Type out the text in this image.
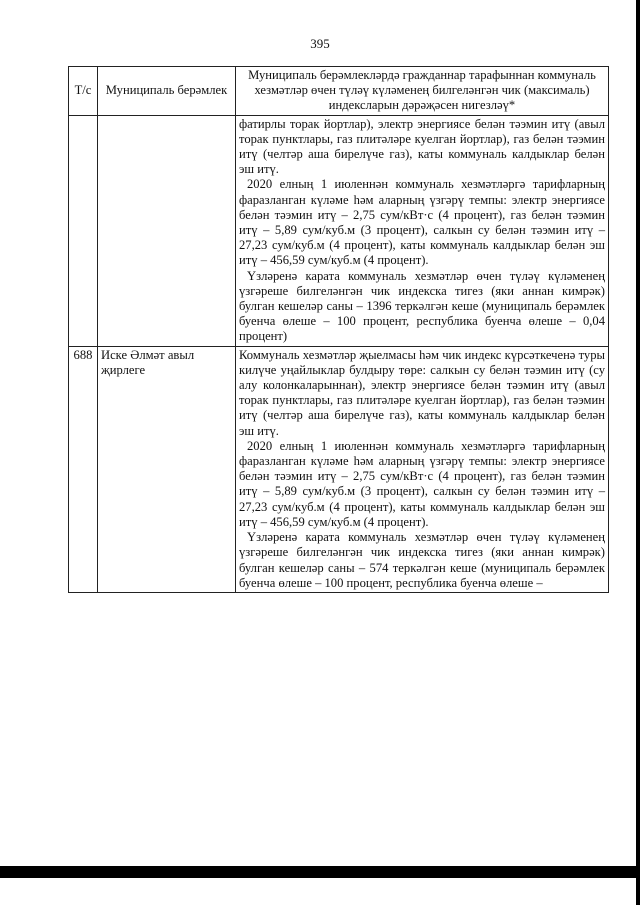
395
Т/с	Муниципаль берәмлек	Муниципаль берәмлекләрдә гражданнар тарафыннан коммуналь хезмәтләр өчен түләү күләменең билгеләнгән чик (максималь) индексларын дәрәҗәсен нигезләү*

		фатирлы торак йортлар), электр энергиясе белән тәэмин итү (авыл торак пунктлары, газ плитәләре куелган йортлар), газ белән тәэмин итү (челтәр аша бирелүче газ), каты коммуналь калдыклар белән эш итү.

2020 елның 1 июленнән коммуналь хезмәтләргә тарифларның фаразланган күләме һәм аларның үзгәрү темпы: электр энергиясе белән тәэмин итү – 2,75 сум/кВт·с (4 процент), газ белән тәэмин итү – 5,89 сум/куб.м (3 процент), салкын су белән тәэмин итү – 27,23 сум/куб.м (4 процент), каты коммуналь калдыклар белән эш итү – 456,59 сум/куб.м (4 процент).

Үзләренә карата коммуналь хезмәтләр өчен түләү күләменең үзгәреше билгеләнгән чик индекска тигез (яки аннан кимрәк) булган кешеләр саны – 1396 теркәлгән кеше (муниципаль берәмлек буенча өлеше – 100 процент, республика буенча өлеше – 0,04 процент)

688	Иске Әлмәт авыл җирлеге	Коммуналь хезмәтләр җыелмасы һәм чик индекс күрсәткеченә туры килүче уңайлыклар булдыру төре: салкын су белән тәэмин итү (су алу колонкаларыннан), электр энергиясе белән тәэмин итү (авыл торак пунктлары, газ плитәләре куелган йортлар), газ белән тәэмин итү (челтәр аша бирелүче газ), каты коммуналь калдыклар белән эш итү.

2020 елның 1 июленнән коммуналь хезмәтләргә тарифларның фаразланган күләме һәм аларның үзгәрү темпы: электр энергиясе белән тәэмин итү – 2,75 сум/кВт·с (4 процент), газ белән тәэмин итү – 5,89 сум/куб.м (3 процент), салкын су белән тәэмин итү – 27,23 сум/куб.м (4 процент), каты коммуналь калдыклар белән эш итү – 456,59 сум/куб.м (4 процент).

Үзләренә карата коммуналь хезмәтләр өчен түләү күләменең үзгәреше билгеләнгән чик индекска тигез (яки аннан кимрәк) булган кешеләр саны – 574 теркәлгән кеше (муниципаль берәмлек буенча өлеше – 100 процент, республика буенча өлеше –
